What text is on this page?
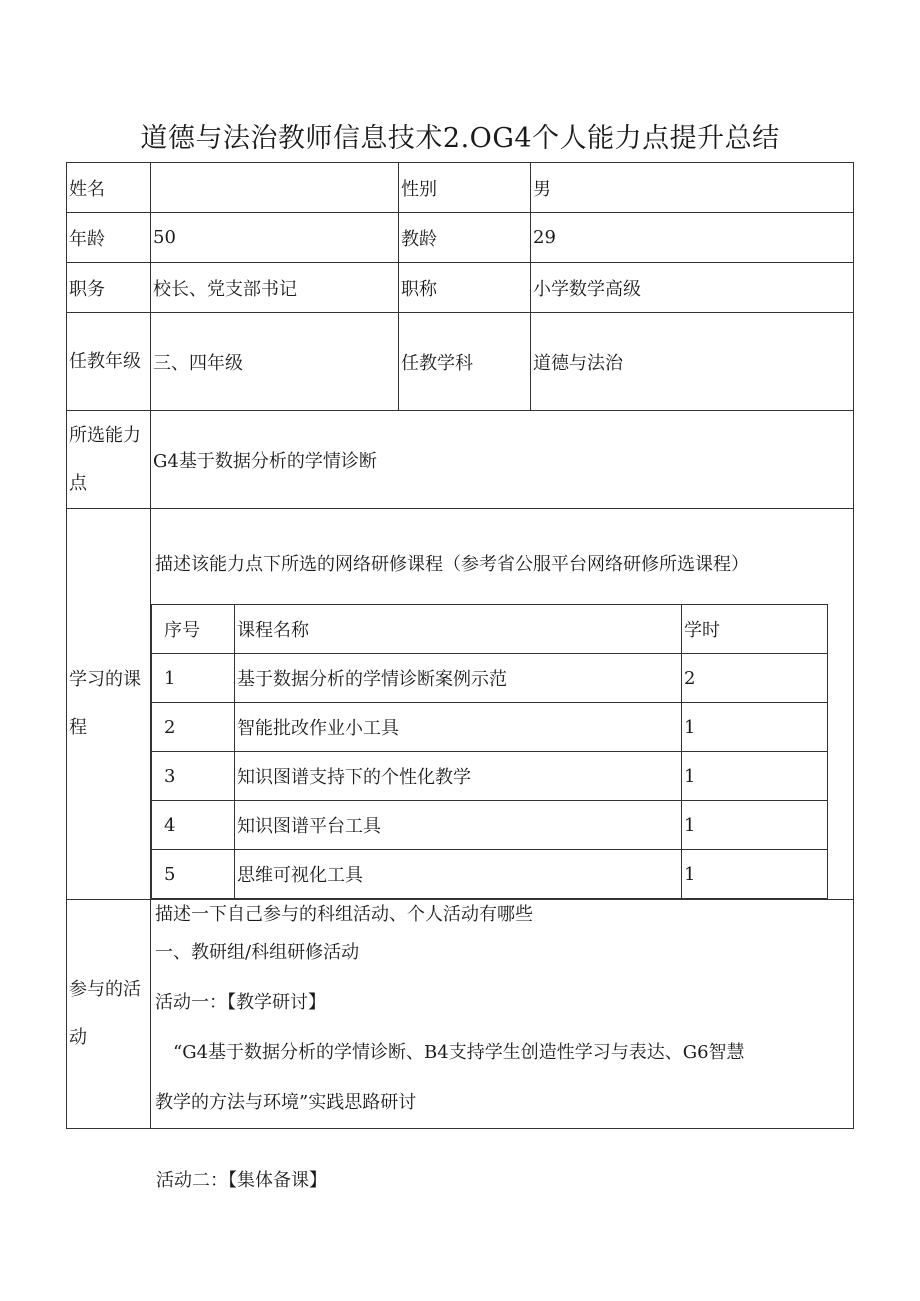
道德与法治教师信息技术2.OG4个人能力点提升总结
姓名		性别	男
年龄	50	教龄	29
职务	校长、党支部书记	职称	小学数学高级
任教年级	三、四年级	任教学科	道德与法治
所选能力点	G4基于数据分析的学情诊断
学习的课程	
描述该能力点下所选的网络研修课程（参考省公服平台网络研修所选课程）
序号	课程名称	学时
1	基于数据分析的学情诊断案例示范	2
2	智能批改作业小工具	1
3	知识图谱支持下的个性化教学	1
4	知识图谱平台工具	1
5	思维可视化工具	1

参与的活动	
描述一下自己参与的科组活动、个人活动有哪些
一、教研组/科组研修活动
活动一：【教学研讨】
“G4基于数据分析的学情诊断、B4支持学生创造性学习与表达、G6智慧
教学的方法与环境”实践思路研讨
活动二：【集体备课】
